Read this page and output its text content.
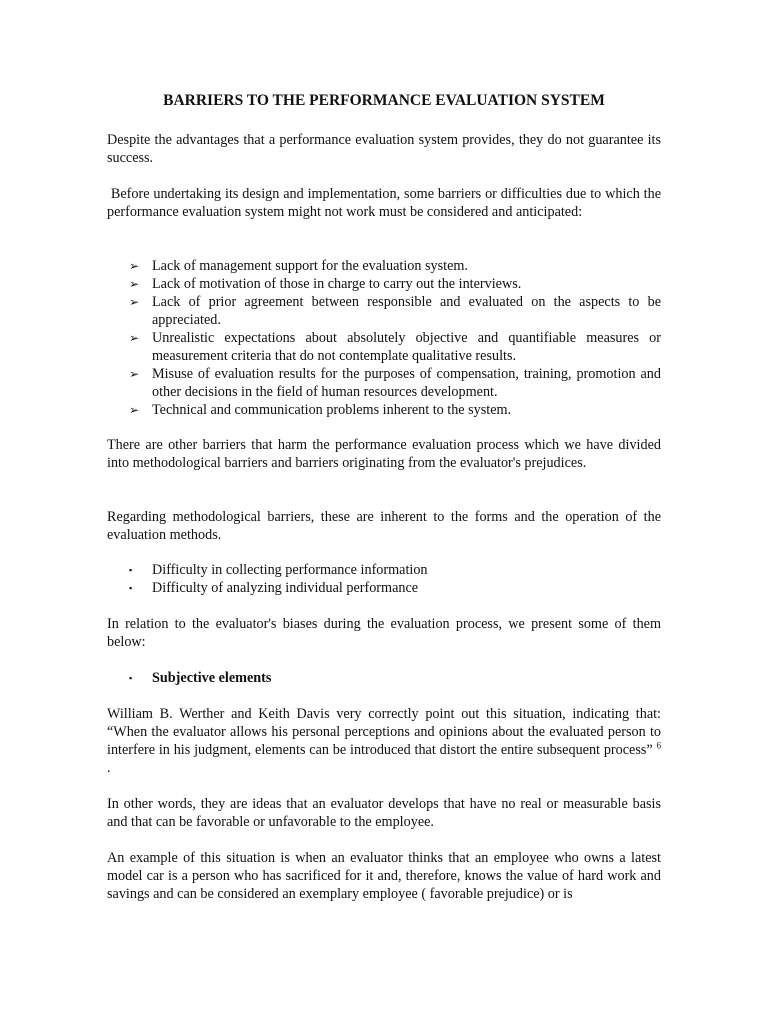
BARRIERS TO THE PERFORMANCE EVALUATION SYSTEM

Despite the advantages that a performance evaluation system provides, they do not guarantee its success.

Before undertaking its design and implementation, some barriers or difficulties due to which the performance evaluation system might not work must be considered and anticipated:

➢ Lack of management support for the evaluation system.
➢ Lack of motivation of those in charge to carry out the interviews.
➢ Lack of prior agreement between responsible and evaluated on the aspects to be appreciated.
➢ Unrealistic expectations about absolutely objective and quantifiable measures or measurement criteria that do not contemplate qualitative results.
➢ Misuse of evaluation results for the purposes of compensation, training, promotion and other decisions in the field of human resources development.
➢ Technical and communication problems inherent to the system.

There are other barriers that harm the performance evaluation process which we have divided into methodological barriers and barriers originating from the evaluator's prejudices.

Regarding methodological barriers, these are inherent to the forms and the operation of the evaluation methods.

▪ Difficulty in collecting performance information
▪ Difficulty of analyzing individual performance

In relation to the evaluator's biases during the evaluation process, we present some of them below:

▪ Subjective elements

William B. Werther and Keith Davis very correctly point out this situation, indicating that: “When the evaluator allows his personal perceptions and opinions about the evaluated person to interfere in his judgment, elements can be introduced that distort the entire subsequent process” $^6$ .

In other words, they are ideas that an evaluator develops that have no real or measurable basis and that can be favorable or unfavorable to the employee.

An example of this situation is when an evaluator thinks that an employee who owns a latest model car is a person who has sacrificed for it and, therefore, knows the value of hard work and savings and can be considered an exemplary employee ( favorable prejudice) or is
